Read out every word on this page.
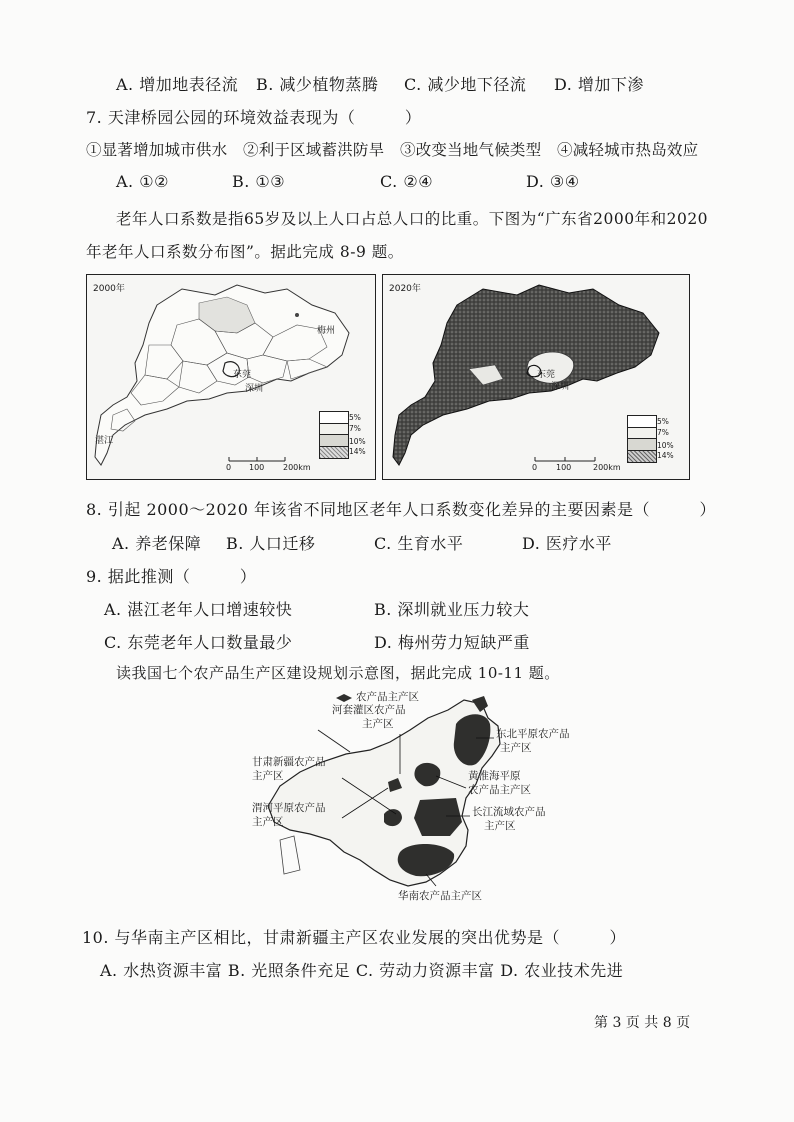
A. 增加地表径流 B. 减少植物蒸腾 C. 减少地下径流 D. 增加下渗
7. 天津桥园公园的环境效益表现为（　　　）
①显著增加城市供水　②利于区域蓄洪防旱　③改变当地气候类型　④减轻城市热岛效应
A. ①②	B. ①③	C. ②④	D. ③④
老年人口系数是指65岁及以上人口占总人口的比重。下图为“广东省2000年和2020
年老年人口系数分布图”。据此完成 8-9 题。
2000年
梅州
东莞
深圳
湛江
5%
7%
10%
14%
0 100 200km
2020年
东莞
深圳
5%
7%
10%
14%
0 100	200km
8. 引起 2000～2020 年该省不同地区老年人口系数变化差异的主要因素是（　　　）
A. 养老保障 B. 人口迁移	C. 生育水平	D. 医疗水平
9. 据此推测（　　　）
A. 湛江老年人口增速较快	B. 深圳就业压力较大
C. 东莞老年人口数量最少	D. 梅州劳力短缺严重
读我国七个农产品生产区建设规划示意图，据此完成 10-11 题。
农产品主产区
河套灌区农产品
主产区
东北平原农产品
主产区
甘肃新疆农产品
主产区	黄淮海平原
农产品主产区
渭河平原农产品
主产区
长江流域农产品
主产区
华南农产品主产区
10. 与华南主产区相比，甘肃新疆主产区农业发展的突出优势是（　　　）
A. 水热资源丰富 B. 光照条件充足 C. 劳动力资源丰富 D. 农业技术先进
第 3 页 共 8 页
